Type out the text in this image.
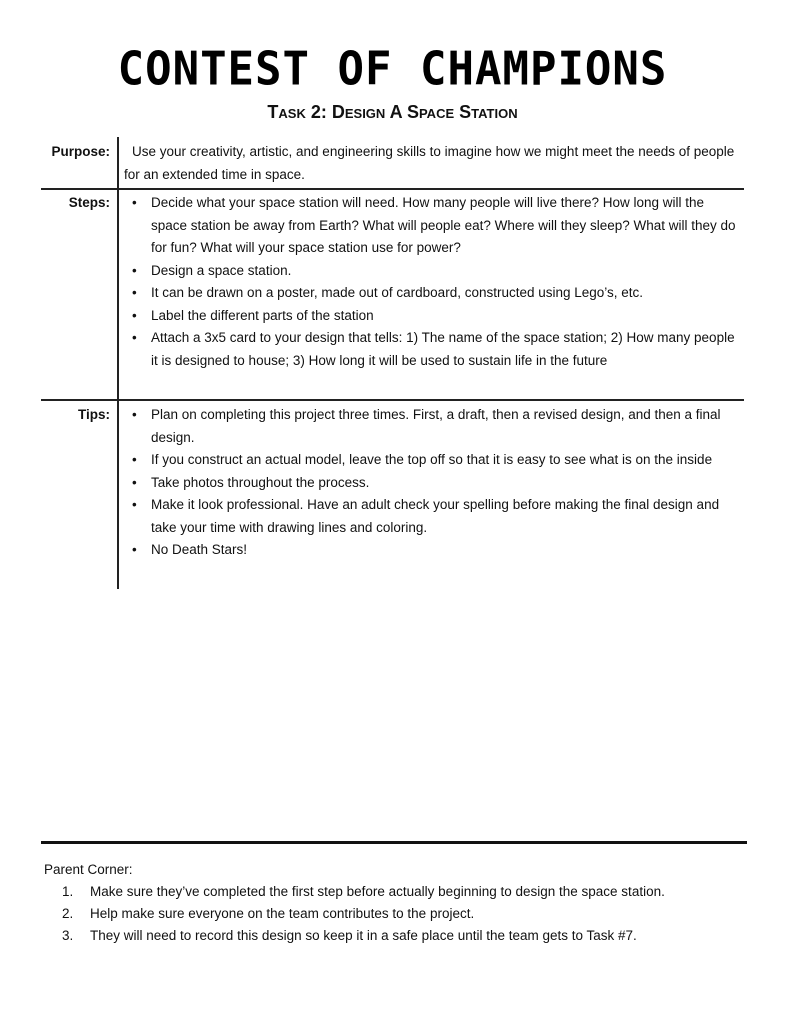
CONTEST OF CHAMPIONS
Task 2: Design A Space Station
Purpose:	Use your creativity, artistic, and engineering skills to imagine how we might meet the needs of people for an extended time in space.
Steps:	• Decide what your space station will need. How many people will live there? How long will the space station be away from Earth? What will people eat? Where will they sleep? What will they do for fun? What will your space station use for power?
• Design a space station.
• It can be drawn on a poster, made out of cardboard, constructed using Lego’s, etc.
• Label the different parts of the station
• Attach a 3x5 card to your design that tells: 1) The name of the space station; 2) How many people it is designed to house; 3) How long it will be used to sustain life in the future
Tips:	• Plan on completing this project three times. First, a draft, then a revised design, and then a final design.
• If you construct an actual model, leave the top off so that it is easy to see what is on the inside
• Take photos throughout the process.
• Make it look professional. Have an adult check your spelling before making the final design and take your time with drawing lines and coloring.
• No Death Stars!
Parent Corner:
1. Make sure they’ve completed the first step before actually beginning to design the space station.
2. Help make sure everyone on the team contributes to the project.
3. They will need to record this design so keep it in a safe place until the team gets to Task #7.
